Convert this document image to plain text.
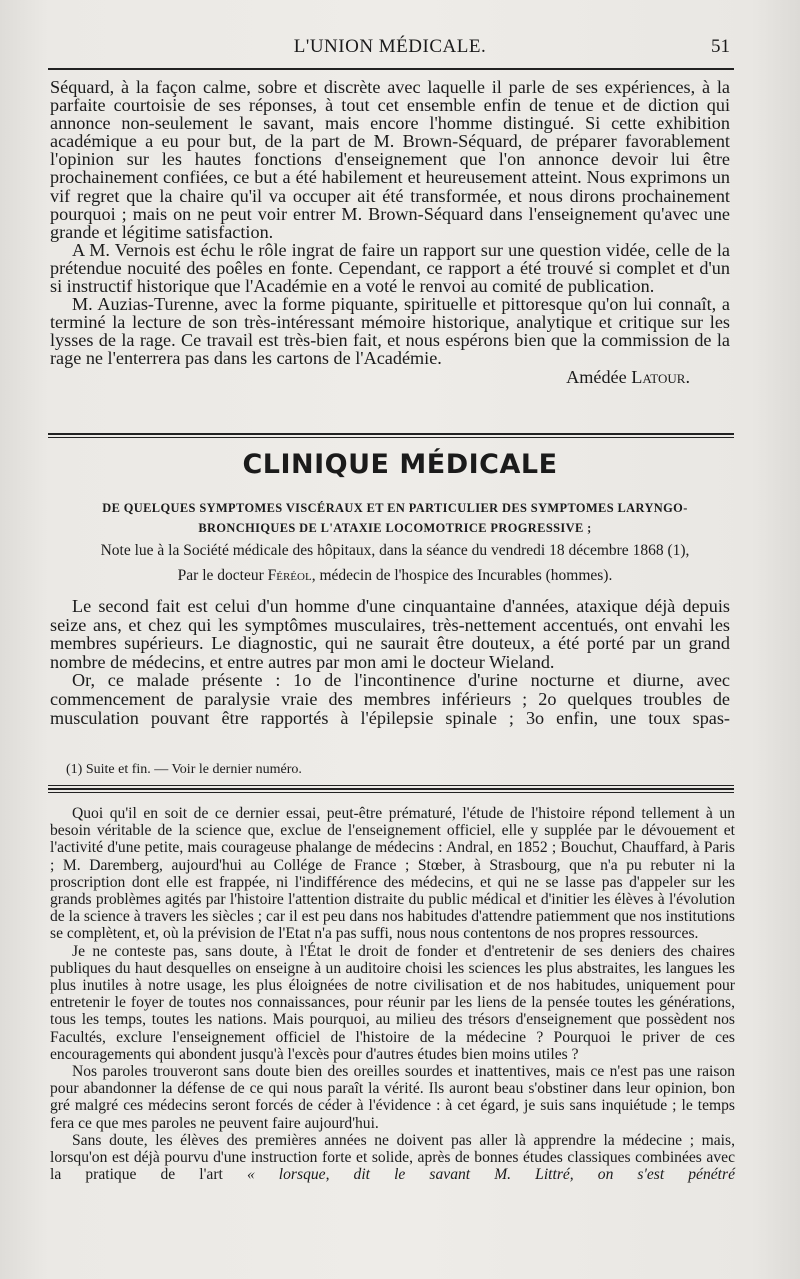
L'UNION MÉDICALE.	51

Séquard, à la façon calme, sobre et discrète avec laquelle il parle de ses expériences, à la parfaite courtoisie de ses réponses, à tout cet ensemble enfin de tenue et de diction qui annonce non-seulement le savant, mais encore l'homme distingué. Si cette exhibition académique a eu pour but, de la part de M. Brown-Séquard, de préparer favorablement l'opinion sur les hautes fonctions d'enseignement que l'on annonce devoir lui être prochainement confiées, ce but a été habilement et heureusement atteint. Nous exprimons un vif regret que la chaire qu'il va occuper ait été transformée, et nous dirons prochainement pourquoi ; mais on ne peut voir entrer M. Brown-Séquard dans l'enseignement qu'avec une grande et légitime satisfaction.

A M. Vernois est échu le rôle ingrat de faire un rapport sur une question vidée, celle de la prétendue nocuité des poêles en fonte. Cependant, ce rapport a été trouvé si complet et d'un si instructif historique que l'Académie en a voté le renvoi au comité de publication.

M. Auzias-Turenne, avec la forme piquante, spirituelle et pittoresque qu'on lui connaît, a terminé la lecture de son très-intéressant mémoire historique, analytique et critique sur les lysses de la rage. Ce travail est très-bien fait, et nous espérons bien que la commission de la rage ne l'enterrera pas dans les cartons de l'Académie.

Amédée Latour.
CLINIQUE MÉDICALE
DE QUELQUES SYMPTOMES VISCÉRAUX ET EN PARTICULIER DES SYMPTOMES LARYNGO-
BRONCHIQUES DE L'ATAXIE LOCOMOTRICE PROGRESSIVE ;
Note lue à la Société médicale des hôpitaux, dans la séance du vendredi 18 décembre 1868 (1),
Par le docteur Féréol, médecin de l'hospice des Incurables (hommes).

Le second fait est celui d'un homme d'une cinquantaine d'années, ataxique déjà depuis seize ans, et chez qui les symptômes musculaires, très-nettement accentués, ont envahi les membres supérieurs. Le diagnostic, qui ne saurait être douteux, a été porté par un grand nombre de médecins, et entre autres par mon ami le docteur Wieland.

Or, ce malade présente : 1o de l'incontinence d'urine nocturne et diurne, avec commencement de paralysie vraie des membres inférieurs ; 2o quelques troubles de musculation pouvant être rapportés à l'épilepsie spinale ; 3o enfin, une toux spas-

(1) Suite et fin. — Voir le dernier numéro.

Quoi qu'il en soit de ce dernier essai, peut-être prématuré, l'étude de l'histoire répond tellement à un besoin véritable de la science que, exclue de l'enseignement officiel, elle y supplée par le dévouement et l'activité d'une petite, mais courageuse phalange de médecins : Andral, en 1852 ; Bouchut, Chauffard, à Paris ; M. Daremberg, aujourd'hui au Collége de France ; Stœber, à Strasbourg, que n'a pu rebuter ni la proscription dont elle est frappée, ni l'indifférence des médecins, et qui ne se lasse pas d'appeler sur les grands problèmes agités par l'histoire l'attention distraite du public médical et d'initier les élèves à l'évolution de la science à travers les siècles ; car il est peu dans nos habitudes d'attendre patiemment que nos institutions se complètent, et, où la prévision de l'Etat n'a pas suffi, nous nous contentons de nos propres ressources.

Je ne conteste pas, sans doute, à l'État le droit de fonder et d'entretenir de ses deniers des chaires publiques du haut desquelles on enseigne à un auditoire choisi les sciences les plus abstraites, les langues les plus inutiles à notre usage, les plus éloignées de notre civilisation et de nos habitudes, uniquement pour entretenir le foyer de toutes nos connaissances, pour réunir par les liens de la pensée toutes les générations, tous les temps, toutes les nations. Mais pourquoi, au milieu des trésors d'enseignement que possèdent nos Facultés, exclure l'enseignement officiel de l'histoire de la médecine ? Pourquoi le priver de ces encouragements qui abondent jusqu'à l'excès pour d'autres études bien moins utiles ?

Nos paroles trouveront sans doute bien des oreilles sourdes et inattentives, mais ce n'est pas une raison pour abandonner la défense de ce qui nous paraît la vérité. Ils auront beau s'obstiner dans leur opinion, bon gré malgré ces médecins seront forcés de céder à l'évidence : à cet égard, je suis sans inquiétude ; le temps fera ce que mes paroles ne peuvent faire aujourd'hui.

Sans doute, les élèves des premières années ne doivent pas aller là apprendre la médecine ; mais, lorsqu'on est déjà pourvu d'une instruction forte et solide, après de bonnes études classiques combinées avec la pratique de l'art « lorsque, dit le savant M. Littré, on s'est pénétré
